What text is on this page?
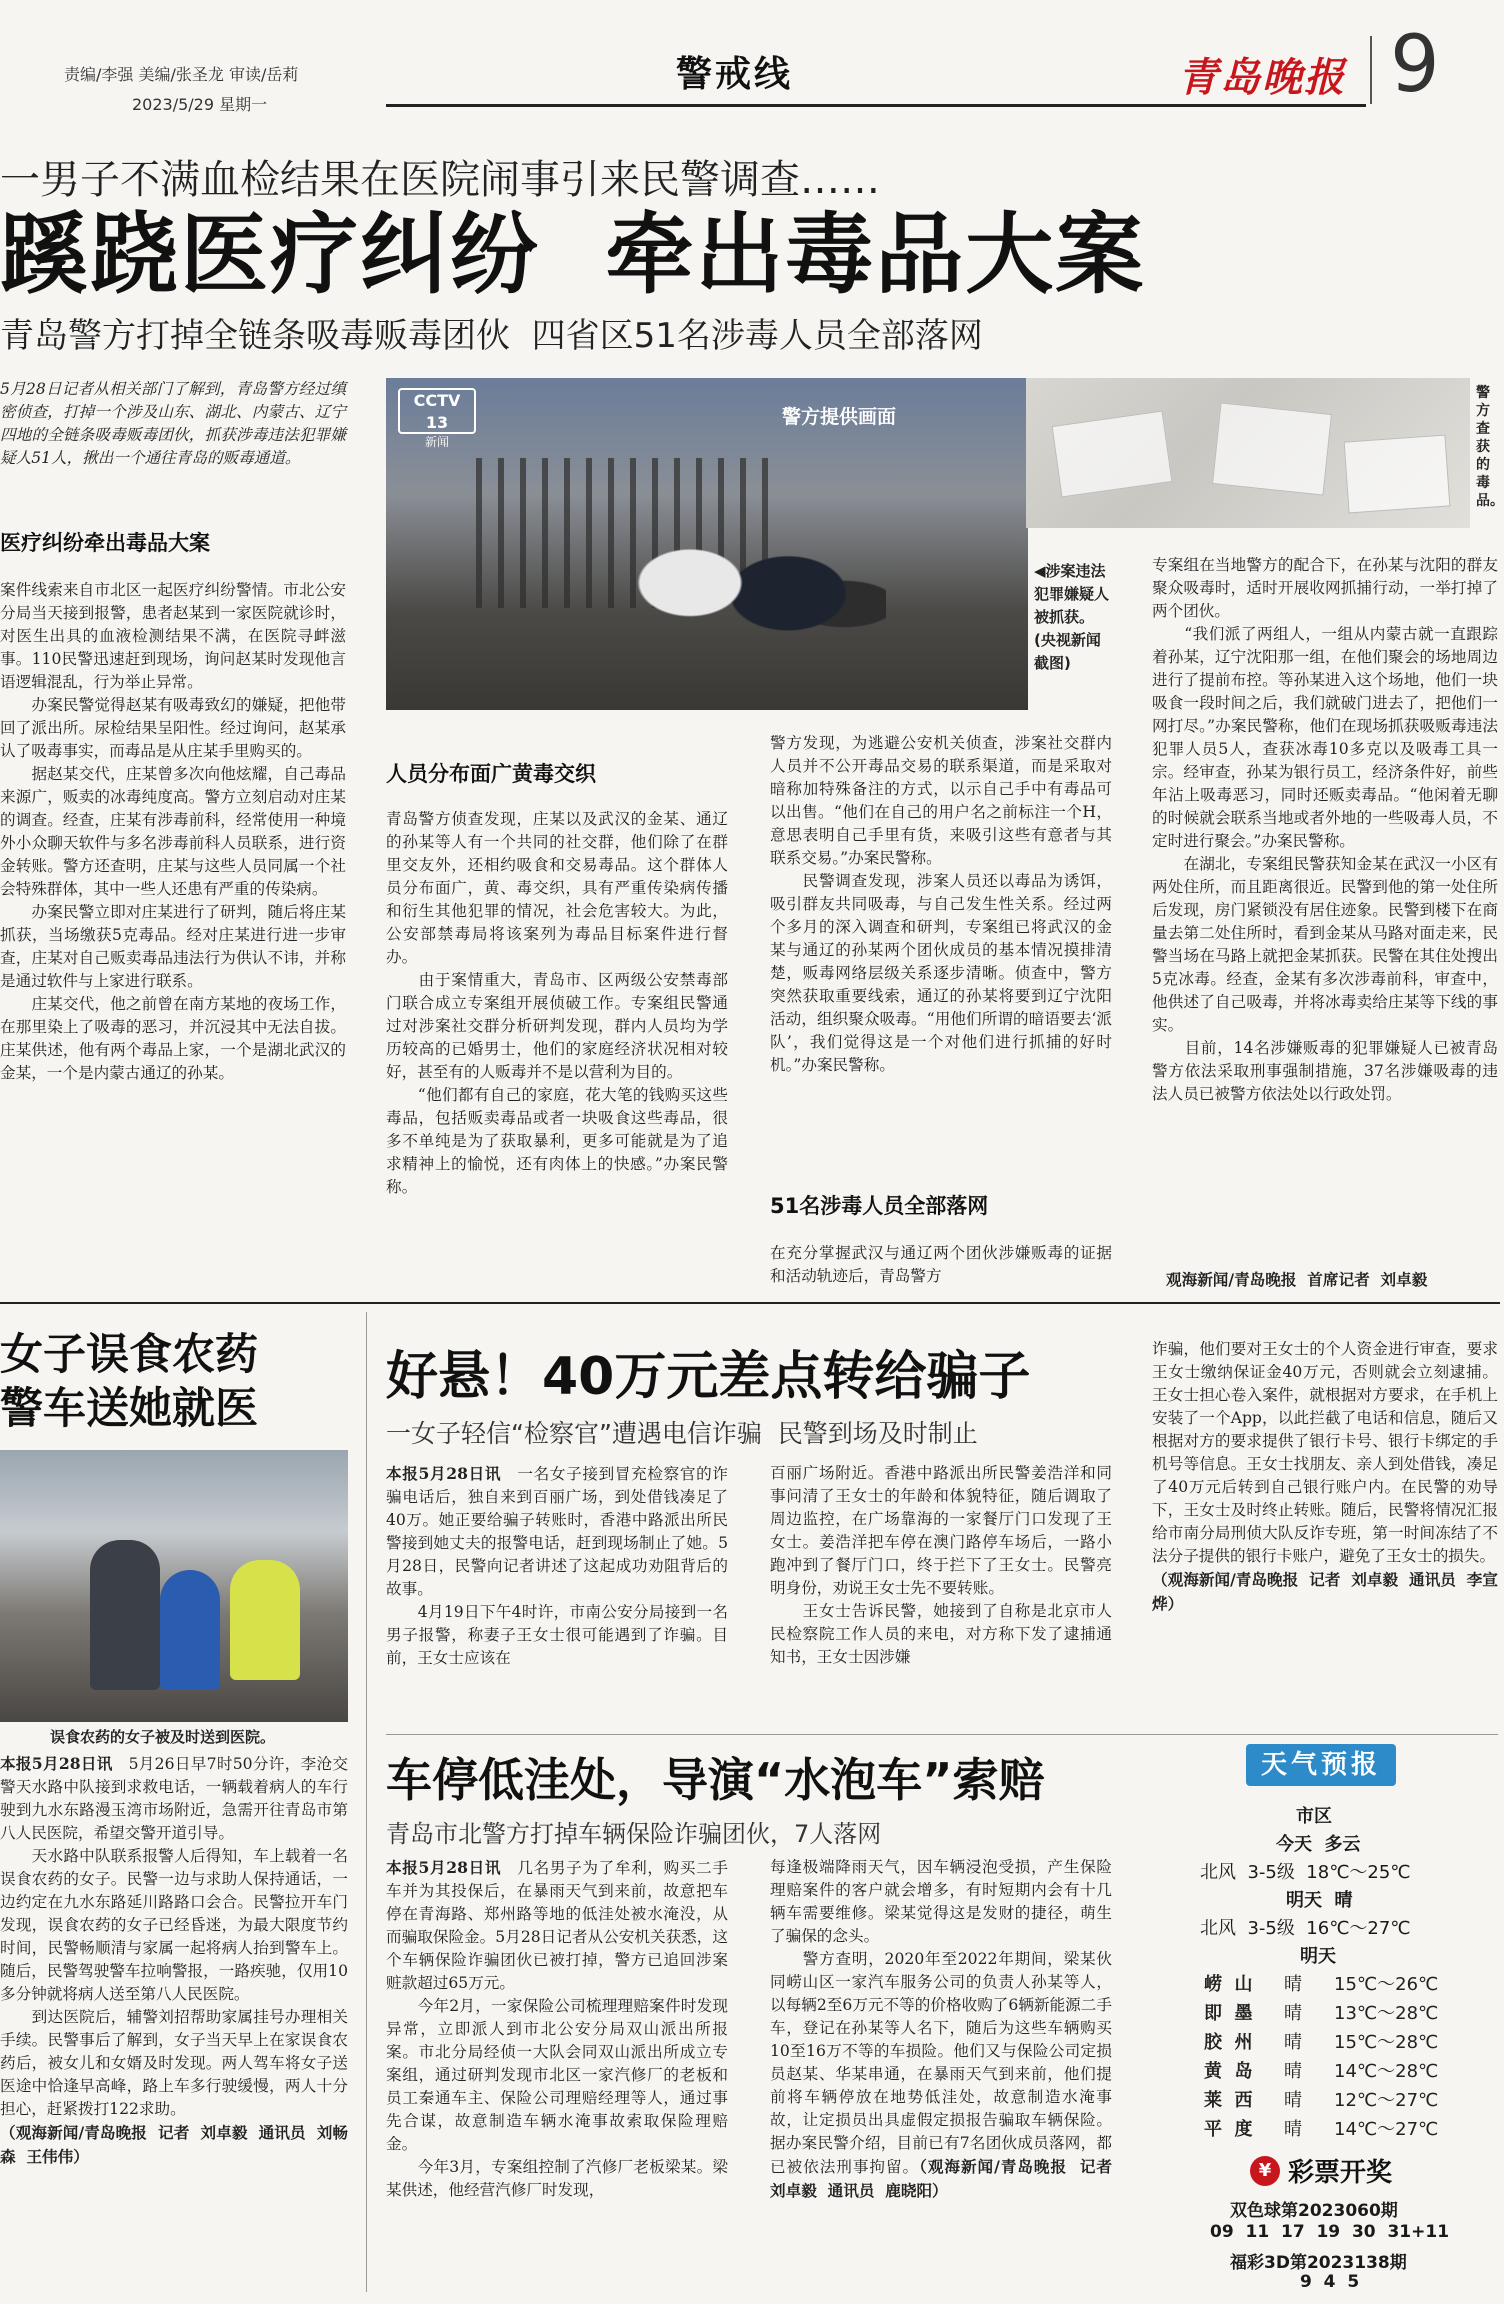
责编/李强 美编/张圣龙 审读/岳莉
2023/5/29 星期一
警戒线	青岛晚报 9
一男子不满血检结果在医院闹事引来民警调查……
蹊跷医疗纠纷  牵出毒品大案
青岛警方打掉全链条吸毒贩毒团伙  四省区51名涉毒人员全部落网

5月28日记者从相关部门了解到，青岛警方经过缜密侦查，打掉一个涉及山东、湖北、内蒙古、辽宁四地的全链条吸毒贩毒团伙，抓获涉毒违法犯罪嫌疑人51人，揪出一个通往青岛的贩毒通道。

医疗纠纷牵出毒品大案

案件线索来自市北区一起医疗纠纷警情。市北公安分局当天接到报警，患者赵某到一家医院就诊时，对医生出具的血液检测结果不满，在医院寻衅滋事。110民警迅速赶到现场，询问赵某时发现他言语逻辑混乱，行为举止异常。
　　办案民警觉得赵某有吸毒致幻的嫌疑，把他带回了派出所。尿检结果呈阳性。经过询问，赵某承认了吸毒事实，而毒品是从庄某手里购买的。
　　据赵某交代，庄某曾多次向他炫耀，自己毒品来源广，贩卖的冰毒纯度高。警方立刻启动对庄某的调查。经查，庄某有涉毒前科，经常使用一种境外小众聊天软件与多名涉毒前科人员联系，进行资金转账。警方还查明，庄某与这些人员同属一个社会特殊群体，其中一些人还患有严重的传染病。
　　办案民警立即对庄某进行了研判，随后将庄某抓获，当场缴获5克毒品。经对庄某进行进一步审查，庄某对自己贩卖毒品违法行为供认不讳，并称是通过软件与上家进行联系。
　　庄某交代，他之前曾在南方某地的夜场工作，在那里染上了吸毒的恶习，并沉浸其中无法自拔。庄某供述，他有两个毒品上家，一个是湖北武汉的金某，一个是内蒙古通辽的孙某。

CCTV 13
新闻
警方提供画面
◀涉案违法犯罪嫌疑人被抓获。(央视新闻截图)
警方查获的毒品。
人员分布面广黄毒交织

青岛警方侦查发现，庄某以及武汉的金某、通辽的孙某等人有一个共同的社交群，他们除了在群里交友外，还相约吸食和交易毒品。这个群体人员分布面广，黄、毒交织，具有严重传染病传播和衍生其他犯罪的情况，社会危害较大。为此，公安部禁毒局将该案列为毒品目标案件进行督办。
　　由于案情重大，青岛市、区两级公安禁毒部门联合成立专案组开展侦破工作。专案组民警通过对涉案社交群分析研判发现，群内人员均为学历较高的已婚男士，他们的家庭经济状况相对较好，甚至有的人贩毒并不是以营利为目的。
　　“他们都有自己的家庭，花大笔的钱购买这些毒品，包括贩卖毒品或者一块吸食这些毒品，很多不单纯是为了获取暴利，更多可能就是为了追求精神上的愉悦，还有肉体上的快感。”办案民警称。

警方发现，为逃避公安机关侦查，涉案社交群内人员并不公开毒品交易的联系渠道，而是采取对暗称加特殊备注的方式，以示自己手中有毒品可以出售。“他们在自己的用户名之前标注一个H，意思表明自己手里有货，来吸引这些有意者与其联系交易。”办案民警称。
　　民警调查发现，涉案人员还以毒品为诱饵，吸引群友共同吸毒，与自己发生性关系。经过两个多月的深入调查和研判，专案组已将武汉的金某与通辽的孙某两个团伙成员的基本情况摸排清楚，贩毒网络层级关系逐步清晰。侦查中，警方突然获取重要线索，通辽的孙某将要到辽宁沈阳活动，组织聚众吸毒。“用他们所谓的暗语要去‘派队’，我们觉得这是一个对他们进行抓捕的好时机。”办案民警称。

51名涉毒人员全部落网

在充分掌握武汉与通辽两个团伙涉嫌贩毒的证据和活动轨迹后，青岛警方

专案组在当地警方的配合下，在孙某与沈阳的群友聚众吸毒时，适时开展收网抓捕行动，一举打掉了两个团伙。
　　“我们派了两组人，一组从内蒙古就一直跟踪着孙某，辽宁沈阳那一组，在他们聚会的场地周边进行了提前布控。等孙某进入这个场地，他们一块吸食一段时间之后，我们就破门进去了，把他们一网打尽。”办案民警称，他们在现场抓获吸贩毒违法犯罪人员5人，查获冰毒10多克以及吸毒工具一宗。经审查，孙某为银行员工，经济条件好，前些年沾上吸毒恶习，同时还贩卖毒品。“他闲着无聊的时候就会联系当地或者外地的一些吸毒人员，不定时进行聚会。”办案民警称。
　　在湖北，专案组民警获知金某在武汉一小区有两处住所，而且距离很近。民警到他的第一处住所后发现，房门紧锁没有居住迹象。民警到楼下在商量去第二处住所时，看到金某从马路对面走来，民警当场在马路上就把金某抓获。民警在其住处搜出5克冰毒。经查，金某有多次涉毒前科，审查中，他供述了自己吸毒，并将冰毒卖给庄某等下线的事实。
　　目前，14名涉嫌贩毒的犯罪嫌疑人已被青岛警方依法采取刑事强制措施，37名涉嫌吸毒的违法人员已被警方依法处以行政处罚。

观海新闻/青岛晚报  首席记者  刘卓毅
女子误食农药
警车送她就医
误食农药的女子被及时送到医院。

本报5月28日讯　 5月26日早7时50分许，李沧交警天水路中队接到求救电话，一辆载着病人的车行驶到九水东路漫玉湾市场附近，急需开往青岛市第八人民医院，希望交警开道引导。
　　天水路中队联系报警人后得知，车上载着一名误食农药的女子。民警一边与求助人保持通话，一边约定在九水东路延川路路口会合。民警拉开车门发现，误食农药的女子已经昏迷，为最大限度节约时间，民警畅顺清与家属一起将病人抬到警车上。随后，民警驾驶警车拉响警报，一路疾驰，仅用10多分钟就将病人送至第八人民医院。
　　到达医院后，辅警刘招帮助家属挂号办理相关手续。民警事后了解到，女子当天早上在家误食农药后，被女儿和女婿及时发现。两人驾车将女子送医途中恰逢早高峰，路上车多行驶缓慢，两人十分担心，赶紧拨打122求助。
（观海新闻/青岛晚报  记者  刘卓毅  通讯员  刘畅森  王伟伟）

好悬！40万元差点转给骗子
一女子轻信“检察官”遭遇电信诈骗  民警到场及时制止

本报5月28日讯　 一名女子接到冒充检察官的诈骗电话后，独自来到百丽广场，到处借钱凑足了40万。她正要给骗子转账时，香港中路派出所民警接到她丈夫的报警电话，赶到现场制止了她。5月28日，民警向记者讲述了这起成功劝阻背后的故事。
　　4月19日下午4时许，市南公安分局接到一名男子报警，称妻子王女士很可能遇到了诈骗。目前，王女士应该在

百丽广场附近。香港中路派出所民警姜浩洋和同事问清了王女士的年龄和体貌特征，随后调取了周边监控，在广场靠海的一家餐厅门口发现了王女士。姜浩洋把车停在澳门路停车场后，一路小跑冲到了餐厅门口，终于拦下了王女士。民警亮明身份，劝说王女士先不要转账。
　　王女士告诉民警，她接到了自称是北京市人民检察院工作人员的来电，对方称下发了逮捕通知书，王女士因涉嫌

诈骗，他们要对王女士的个人资金进行审查，要求王女士缴纳保证金40万元，否则就会立刻逮捕。王女士担心卷入案件，就根据对方要求，在手机上安装了一个App，以此拦截了电话和信息，随后又根据对方的要求提供了银行卡号、银行卡绑定的手机号等信息。王女士找朋友、亲人到处借钱，凑足了40万元后转到自己银行账户内。在民警的劝导下，王女士及时终止转账。随后，民警将情况汇报给市南分局刑侦大队反诈专班，第一时间冻结了不法分子提供的银行卡账户，避免了王女士的损失。
（观海新闻/青岛晚报  记者  刘卓毅  通讯员  李宣烨）

车停低洼处，导演“水泡车”索赔
青岛市北警方打掉车辆保险诈骗团伙，7人落网

本报5月28日讯　 几名男子为了牟利，购买二手车并为其投保后，在暴雨天气到来前，故意把车停在青海路、郑州路等地的低洼处被水淹没，从而骗取保险金。5月28日记者从公安机关获悉，这个车辆保险诈骗团伙已被打掉，警方已追回涉案赃款超过65万元。
　　今年2月，一家保险公司梳理理赔案件时发现异常，立即派人到市北公安分局双山派出所报案。市北分局经侦一大队会同双山派出所成立专案组，通过研判发现市北区一家汽修厂的老板和员工秦通车主、保险公司理赔经理等人，通过事先合谋，故意制造车辆水淹事故索取保险理赔金。
　　今年3月，专案组控制了汽修厂老板梁某。梁某供述，他经营汽修厂时发现，

每逢极端降雨天气，因车辆浸泡受损，产生保险理赔案件的客户就会增多，有时短期内会有十几辆车需要维修。梁某觉得这是发财的捷径，萌生了骗保的念头。
　　警方查明，2020年至2022年期间，梁某伙同崂山区一家汽车服务公司的负责人孙某等人，以每辆2至6万元不等的价格收购了6辆新能源二手车，登记在孙某等人名下，随后为这些车辆购买10至16万不等的车损险。他们又与保险公司定损员赵某、华某串通，在暴雨天气到来前，他们提前将车辆停放在地势低洼处，故意制造水淹事故，让定损员出具虚假定损报告骗取车辆保险。据办案民警介绍，目前已有7名团伙成员落网，都已被依法刑事拘留。（观海新闻/青岛晚报  记者  刘卓毅  通讯员  鹿晓阳）

天气预报
市区
今天  多云
北风  3-5级  18℃～25℃
明天  晴
北风  3-5级  16℃～27℃
明天
崂  山	晴	15℃～26℃
即  墨	晴	13℃～28℃
胶  州	晴	15℃～28℃
黄  岛	晴	14℃～28℃
莱  西	晴	12℃～27℃
平  度	晴	14℃～27℃
¥ 彩票开奖
双色球第2023060期
09  11  17  19  30  31+11
福彩3D第2023138期
9  4  5
